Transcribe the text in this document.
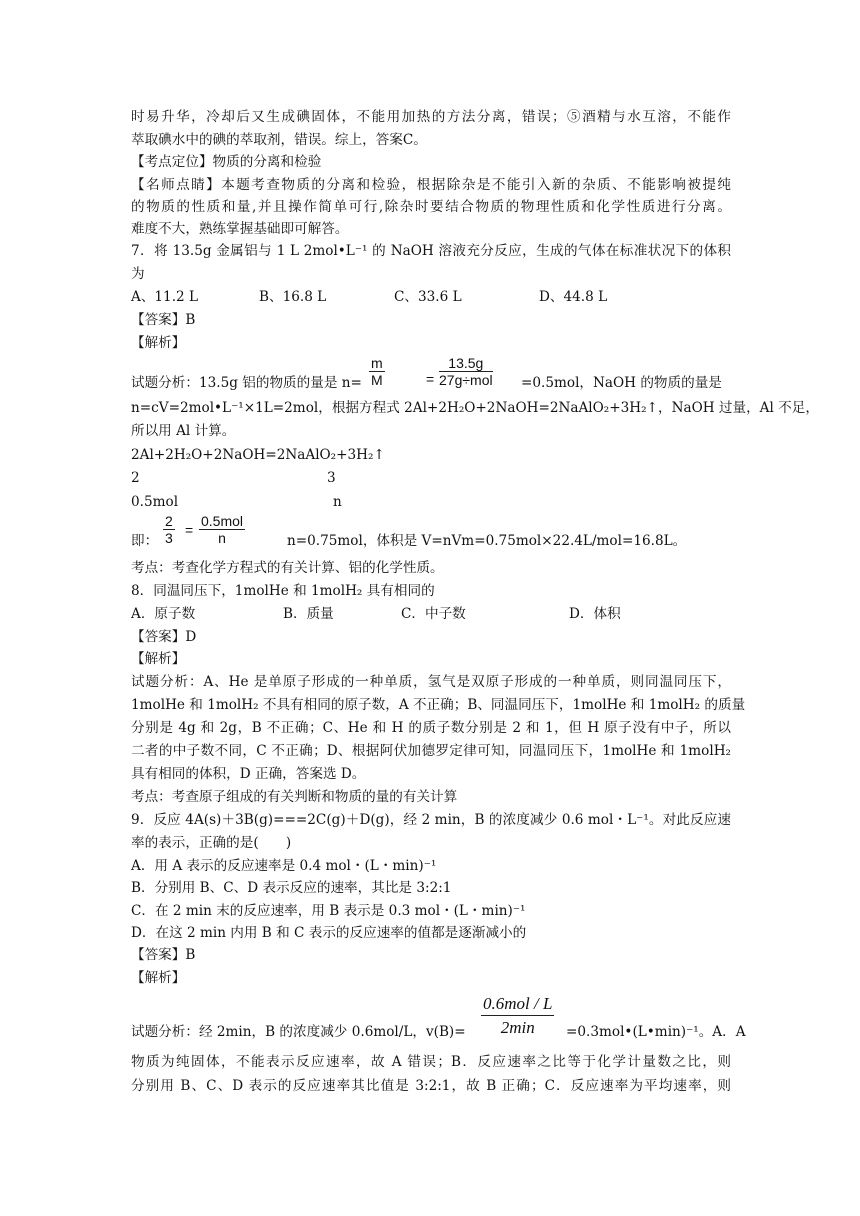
时易升华，冷却后又生成碘固体，不能用加热的方法分离，错误；⑤酒精与水互溶，不能作
萃取碘水中的碘的萃取剂，错误。综上，答案C。
【考点定位】物质的分离和检验
【名师点睛】本题考查物质的分离和检验，根据除杂是不能引入新的杂质、不能影响被提纯
的物质的性质和量,并且操作简单可行,除杂时要结合物质的物理性质和化学性质进行分离。
难度不大，熟练掌握基础即可解答。
7．将 13.5g 金属铝与 1 L 2mol•L⁻¹ 的 NaOH 溶液充分反应，生成的气体在标准状况下的体积
为
A、11.2 L	B、16.8 L	C、33.6 L	D、44.8 L
【答案】B
【解析】
$\frac{m}{M}$	=
13.5g
27g÷mol
试题分析：13.5g 铝的物质的量是 n=	=0.5mol，NaOH 的物质的量是
n=cV=2mol•L⁻¹×1L=2mol，根据方程式 2Al+2H₂O+2NaOH=2NaAlO₂+3H₂↑，NaOH 过量，Al 不足，
所以用 Al 计算。
2Al+2H₂O+2NaOH=2NaAlO₂+3H₂↑
2	3
0.5mol	n
$\frac{2}{3}$ =
0.5mol
n
即：	n=0.75mol，体积是 V=nVm=0.75mol×22.4L/mol=16.8L。
考点：考查化学方程式的有关计算、铝的化学性质。
8．同温同压下，1molHe 和 1molH₂ 具有相同的
A．原子数	B．质量	C．中子数	D．体积
【答案】D
【解析】
试题分析：A、He 是单原子形成的一种单质，氢气是双原子形成的一种单质，则同温同压下，
1molHe 和 1molH₂ 不具有相同的原子数，A 不正确；B、同温同压下，1molHe 和 1molH₂ 的质量
分别是 4g 和 2g，B 不正确；C、He 和 H 的质子数分别是 2 和 1，但 H 原子没有中子，所以
二者的中子数不同，C 不正确；D、根据阿伏加德罗定律可知，同温同压下，1molHe 和 1molH₂
具有相同的体积，D 正确，答案选 D。
考点：考查原子组成的有关判断和物质的量的有关计算
9．反应 4A(s)＋3B(g)===2C(g)＋D(g)，经 2 min，B 的浓度减少 0.6 mol・L⁻¹。对此反应速
率的表示，正确的是(　　)
A．用 A 表示的反应速率是 0.4 mol・(L・min)⁻¹
B．分别用 B、C、D 表示反应的速率，其比是 3:2:1
C．在 2 min 末的反应速率，用 B 表示是 0.3 mol・(L・min)⁻¹
D．在这 2 min 内用 B 和 C 表示的反应速率的值都是逐渐减小的
【答案】B
【解析】
0.6mol / L
2min
试题分析：经 2min，B 的浓度减少 0.6mol/L，v(B)=	=0.3mol•(L•min)⁻¹。A．A
物质为纯固体，不能表示反应速率，故 A 错误；B．反应速率之比等于化学计量数之比，则
分别用 B、C、D 表示的反应速率其比值是 3:2:1，故 B 正确；C．反应速率为平均速率，则
